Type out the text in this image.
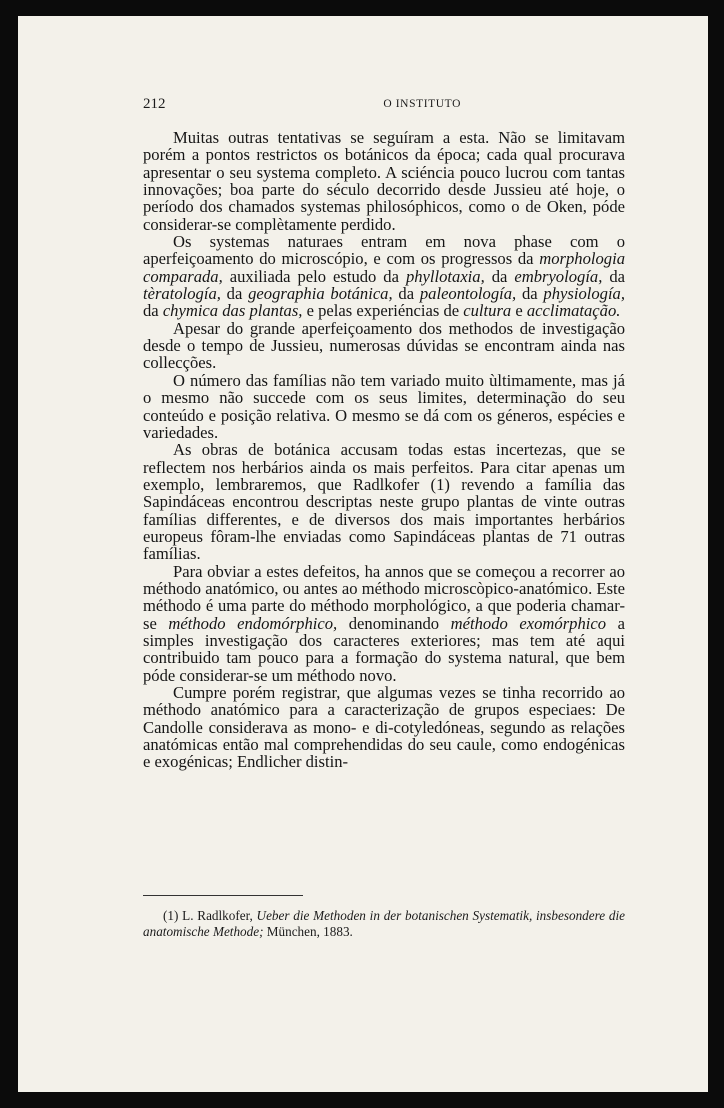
212	O INSTITUTO

Muitas outras tentativas se seguíram a esta. Não se limitavam porém a pontos restrictos os botánicos da época; cada qual procurava apresentar o seu systema completo. A sciéncia pouco lucrou com tantas innovações; boa parte do século decorrido desde Jussieu até hoje, o período dos chamados systemas philosóphicos, como o de Oken, póde considerar-se complètamente perdido.

Os systemas naturaes entram em nova phase com o aperfeiçoamento do microscópio, e com os progressos da morphologia comparada, auxiliada pelo estudo da phyllotaxia, da embryología, da tèratología, da geographia botánica, da paleontología, da physiología, da chymica das plantas, e pelas experiéncias de cultura e acclimatação.

Apesar do grande aperfeiçoamento dos methodos de investigação desde o tempo de Jussieu, numerosas dúvidas se encontram ainda nas collecções.

O número das famílias não tem variado muito ùltimamente, mas já o mesmo não succede com os seus limites, determinação do seu conteúdo e posição relativa. O mesmo se dá com os géneros, espécies e variedades.

As obras de botánica accusam todas estas incertezas, que se reflectem nos herbários ainda os mais perfeitos. Para citar apenas um exemplo, lembraremos, que Radlkofer (1) revendo a família das Sapindáceas encontrou descriptas neste grupo plantas de vinte outras famílias differentes, e de diversos dos mais importantes herbários europeus fôram-lhe enviadas como Sapindáceas plantas de 71 outras famílias.

Para obviar a estes defeitos, ha annos que se começou a recorrer ao méthodo anatómico, ou antes ao méthodo microscòpico-anatómico. Este méthodo é uma parte do méthodo morphológico, a que poderia chamar-se méthodo endomórphico, denominando méthodo exomórphico a simples investigação dos caracteres exteriores; mas tem até aqui contribuido tam pouco para a formação do systema natural, que bem póde considerar-se um méthodo novo.

Cumpre porém registrar, que algumas vezes se tinha recorrido ao méthodo anatómico para a caracterização de grupos especiaes: De Candolle considerava as mono- e di-cotyledóneas, segundo as relações anatómicas então mal comprehendidas do seu caule, como endogénicas e exogénicas; Endlicher distin-

(1) L. Radlkofer, Ueber die Methoden in der botanischen Systematik, insbesondere die anatomische Methode; München, 1883.
